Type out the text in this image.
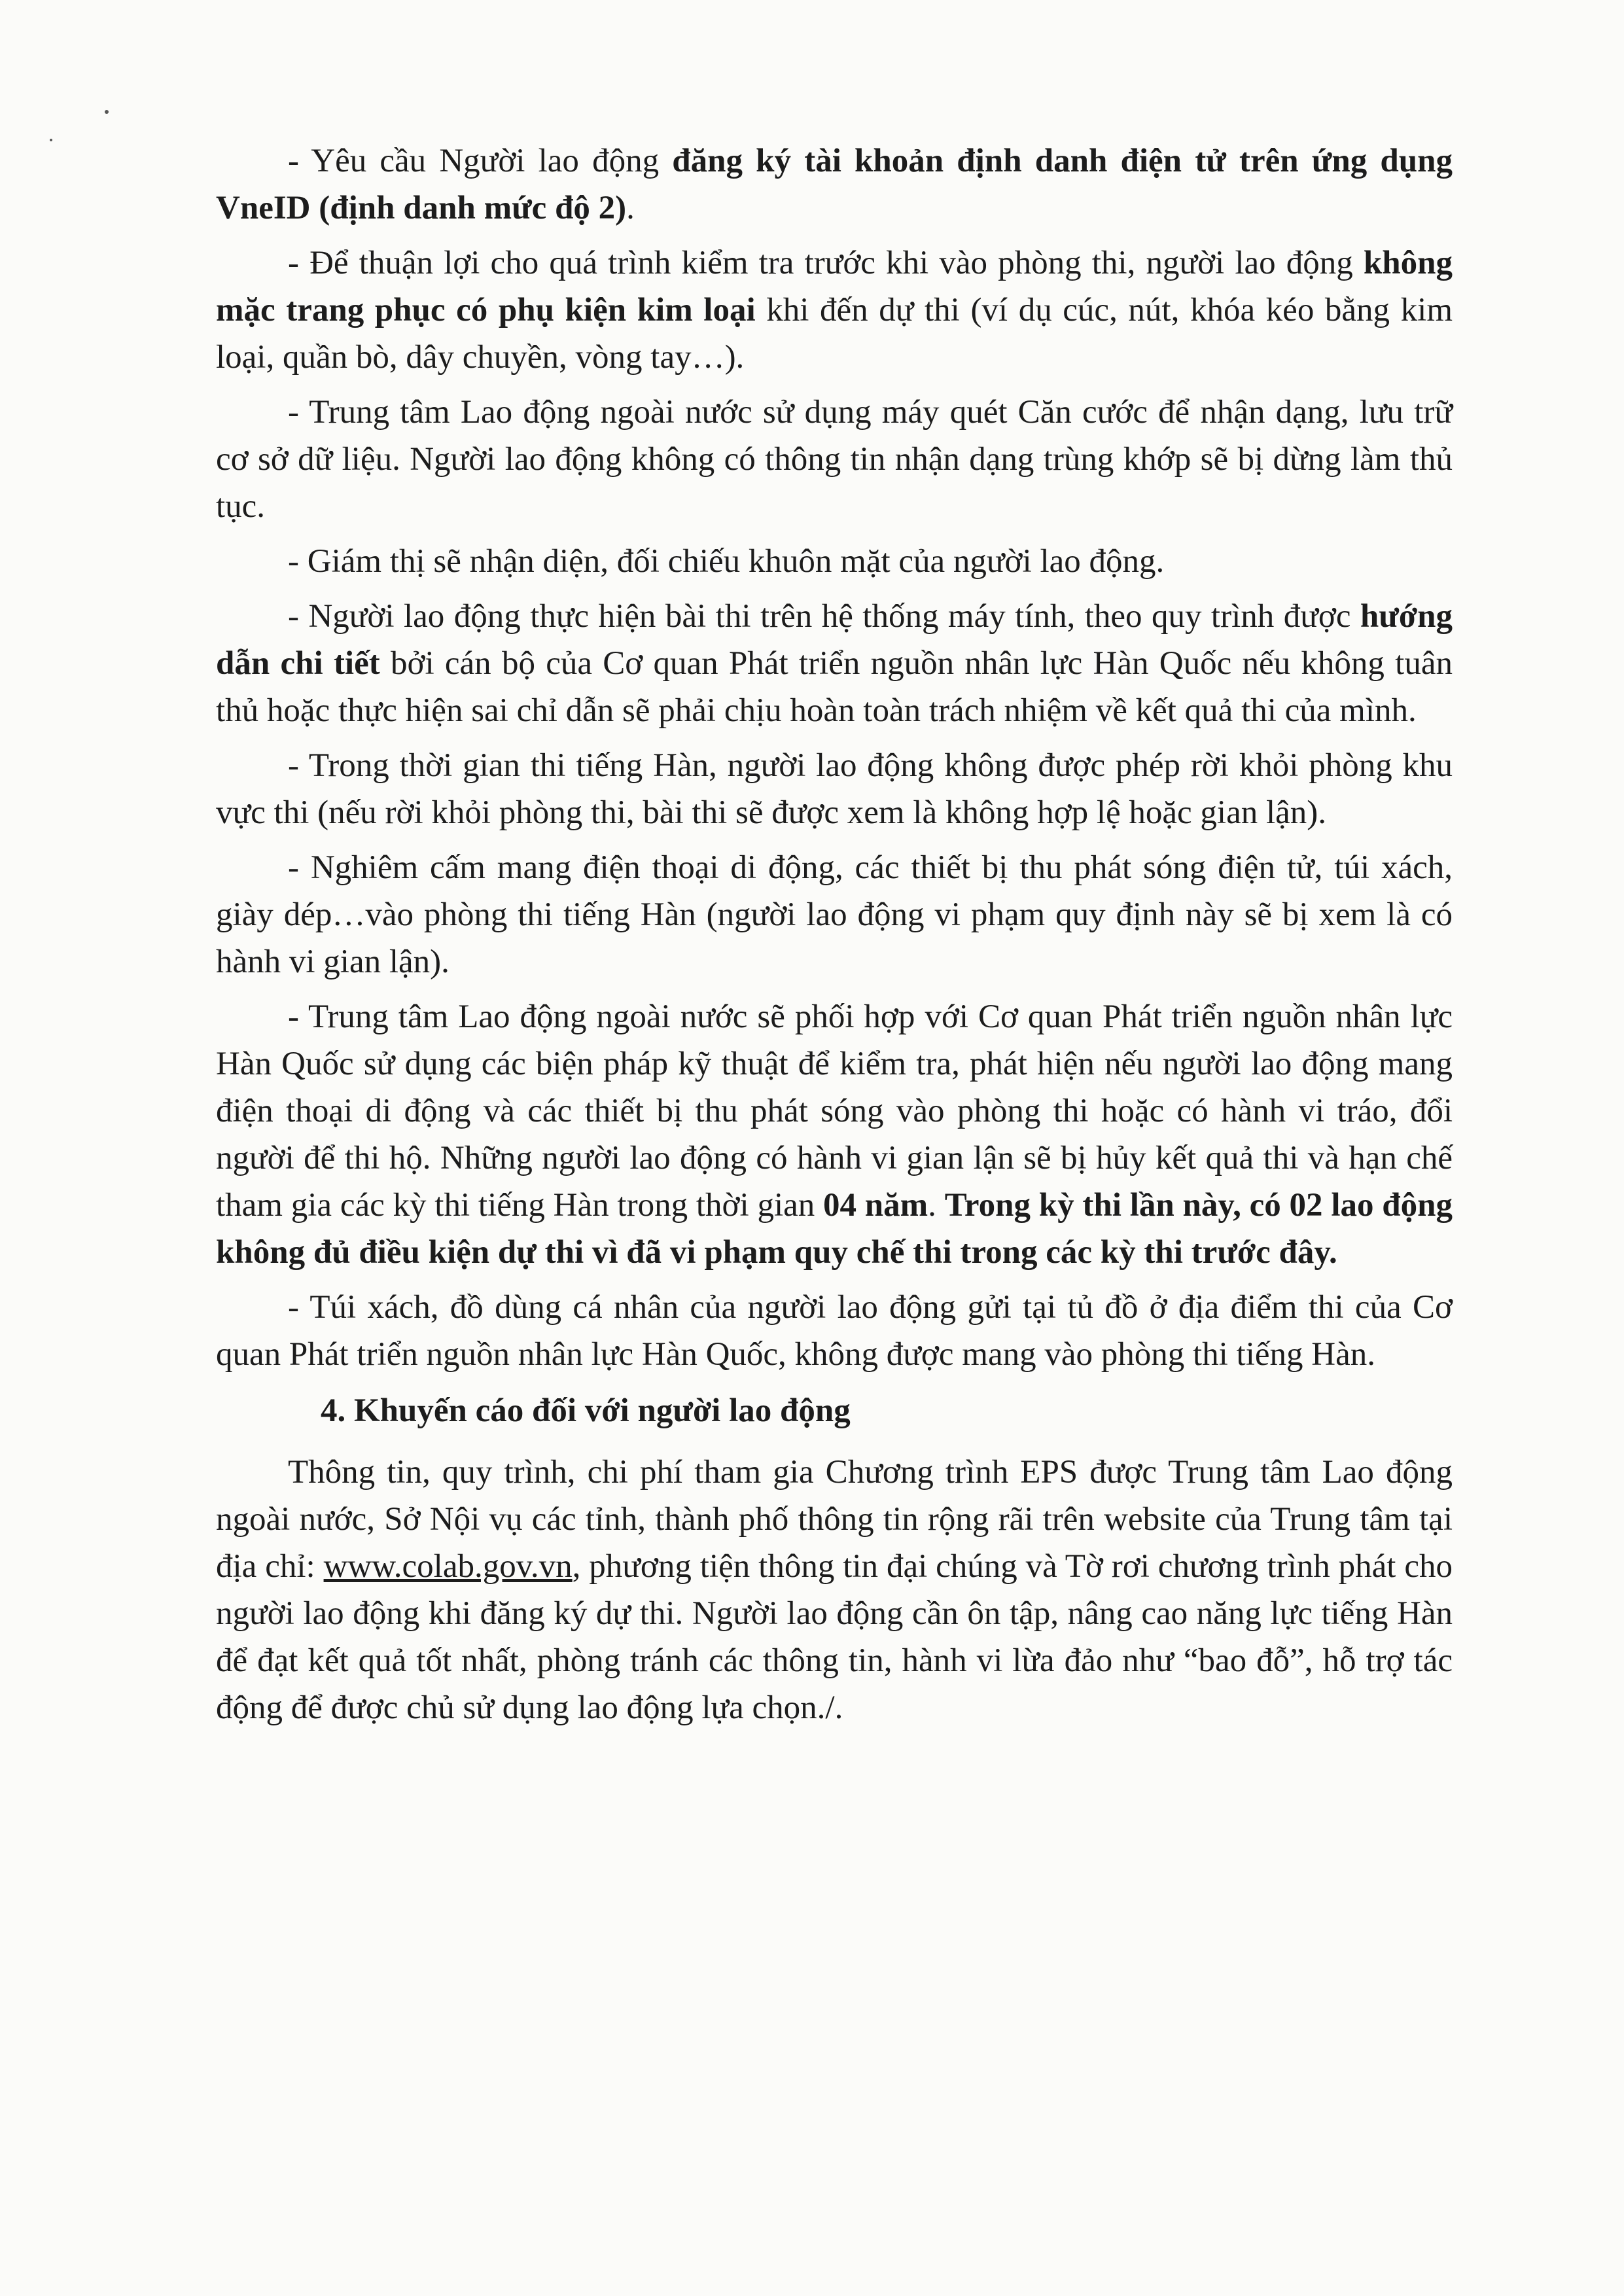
- Yêu cầu Người lao động đăng ký tài khoản định danh điện tử trên ứng dụng VneID (định danh mức độ 2).

- Để thuận lợi cho quá trình kiểm tra trước khi vào phòng thi, người lao động không mặc trang phục có phụ kiện kim loại khi đến dự thi (ví dụ cúc, nút, khóa kéo bằng kim loại, quần bò, dây chuyền, vòng tay…).

- Trung tâm Lao động ngoài nước sử dụng máy quét Căn cước để nhận dạng, lưu trữ cơ sở dữ liệu. Người lao động không có thông tin nhận dạng trùng khớp sẽ bị dừng làm thủ tục.

- Giám thị sẽ nhận diện, đối chiếu khuôn mặt của người lao động.

- Người lao động thực hiện bài thi trên hệ thống máy tính, theo quy trình được hướng dẫn chi tiết bởi cán bộ của Cơ quan Phát triển nguồn nhân lực Hàn Quốc nếu không tuân thủ hoặc thực hiện sai chỉ dẫn sẽ phải chịu hoàn toàn trách nhiệm về kết quả thi của mình.

- Trong thời gian thi tiếng Hàn, người lao động không được phép rời khỏi phòng khu vực thi (nếu rời khỏi phòng thi, bài thi sẽ được xem là không hợp lệ hoặc gian lận).

- Nghiêm cấm mang điện thoại di động, các thiết bị thu phát sóng điện tử, túi xách, giày dép…vào phòng thi tiếng Hàn (người lao động vi phạm quy định này sẽ bị xem là có hành vi gian lận).

- Trung tâm Lao động ngoài nước sẽ phối hợp với Cơ quan Phát triển nguồn nhân lực Hàn Quốc sử dụng các biện pháp kỹ thuật để kiểm tra, phát hiện nếu người lao động mang điện thoại di động và các thiết bị thu phát sóng vào phòng thi hoặc có hành vi tráo, đổi người để thi hộ. Những người lao động có hành vi gian lận sẽ bị hủy kết quả thi và hạn chế tham gia các kỳ thi tiếng Hàn trong thời gian 04 năm. Trong kỳ thi lần này, có 02 lao động không đủ điều kiện dự thi vì đã vi phạm quy chế thi trong các kỳ thi trước đây.

- Túi xách, đồ dùng cá nhân của người lao động gửi tại tủ đồ ở địa điểm thi của Cơ quan Phát triển nguồn nhân lực Hàn Quốc, không được mang vào phòng thi tiếng Hàn.

4. Khuyến cáo đối với người lao động

Thông tin, quy trình, chi phí tham gia Chương trình EPS được Trung tâm Lao động ngoài nước, Sở Nội vụ các tỉnh, thành phố thông tin rộng rãi trên website của Trung tâm tại địa chỉ: www.colab.gov.vn, phương tiện thông tin đại chúng và Tờ rơi chương trình phát cho người lao động khi đăng ký dự thi. Người lao động cần ôn tập, nâng cao năng lực tiếng Hàn để đạt kết quả tốt nhất, phòng tránh các thông tin, hành vi lừa đảo như “bao đỗ”, hỗ trợ tác động để được chủ sử dụng lao động lựa chọn./.
